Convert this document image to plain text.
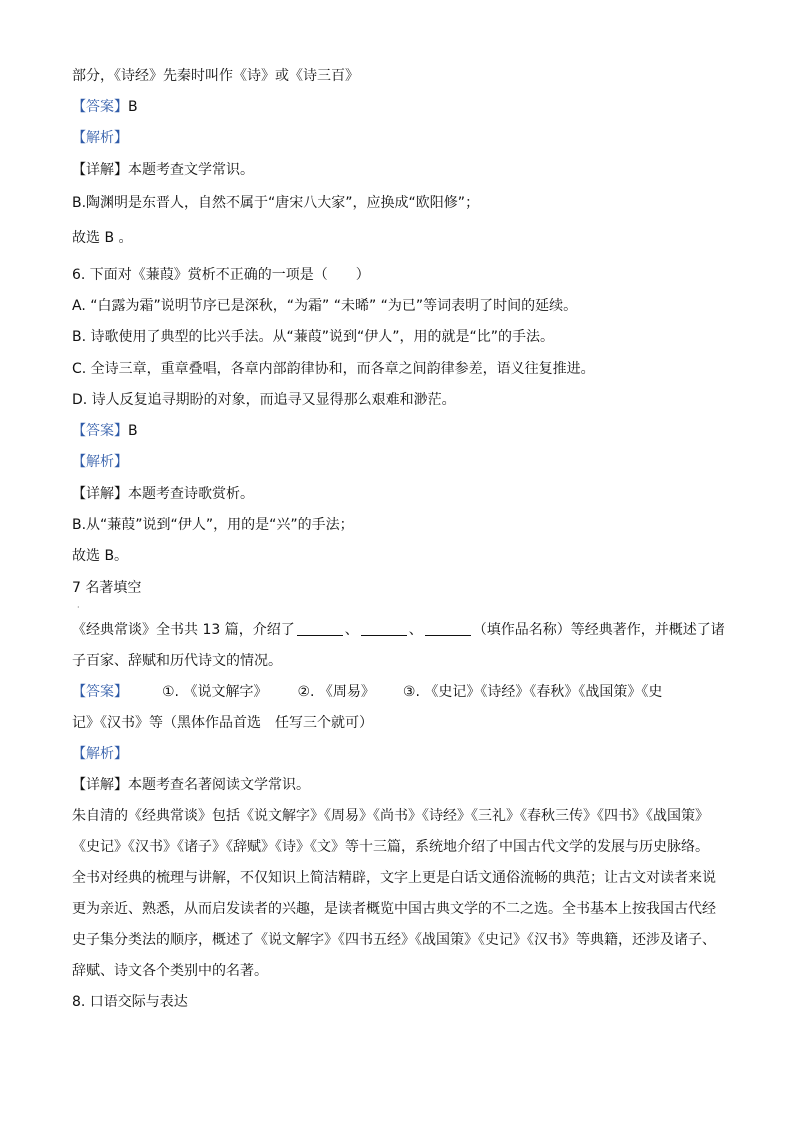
部分，《诗经》先秦时叫作《诗》或《诗三百》
【答案】B
【解析】
【详解】本题考查文学常识。
B.陶渊明是东晋人，自然不属于“唐宋八大家”，应换成“欧阳修”；
故选 B 。
6. 下面对《蒹葭》赏析不正确的一项是（　　）
A. “白露为霜”说明节序已是深秋，“为霜” “未晞” “为已”等词表明了时间的延续。
B. 诗歌使用了典型的比兴手法。从“蒹葭”说到“伊人”，用的就是“比”的手法。
C. 全诗三章，重章叠唱，各章内部韵律协和，而各章之间韵律参差，语义往复推进。
D. 诗人反复追寻期盼的对象，而追寻又显得那么艰难和渺茫。
【答案】B
【解析】
【详解】本题考查诗歌赏析。
B.从“蒹葭”说到“伊人”，用的是“兴”的手法；
故选 B。
7 名著填空
·
《经典常谈》全书共 13 篇，介绍了	、	、	（填作品名称）等经典著作，并概述了诸
子百家、辞赋和历代诗文的情况。
【答案】 ①. 《说文解字》 ②. 《周易》 ③. 《史记》《诗经》《春秋》《战国策》《史
记》《汉书》等（黑体作品首选　任写三个就可）
【解析】
【详解】本题考查名著阅读文学常识。
朱自清的《经典常谈》包括《说文解字》《周易》《尚书》《诗经》《三礼》《春秋三传》《四书》《战国策》
《史记》《汉书》《诸子》《辞赋》《诗》《文》等十三篇，系统地介绍了中国古代文学的发展与历史脉络。
全书对经典的梳理与讲解，不仅知识上简洁精辟，文字上更是白话文通俗流畅的典范；让古文对读者来说
更为亲近、熟悉，从而启发读者的兴趣，是读者概览中国古典文学的不二之选。全书基本上按我国古代经
史子集分类法的顺序，概述了《说文解字》《四书五经》《战国策》《史记》《汉书》等典籍，还涉及诸子、
辞赋、诗文各个类别中的名著。
8. 口语交际与表达
